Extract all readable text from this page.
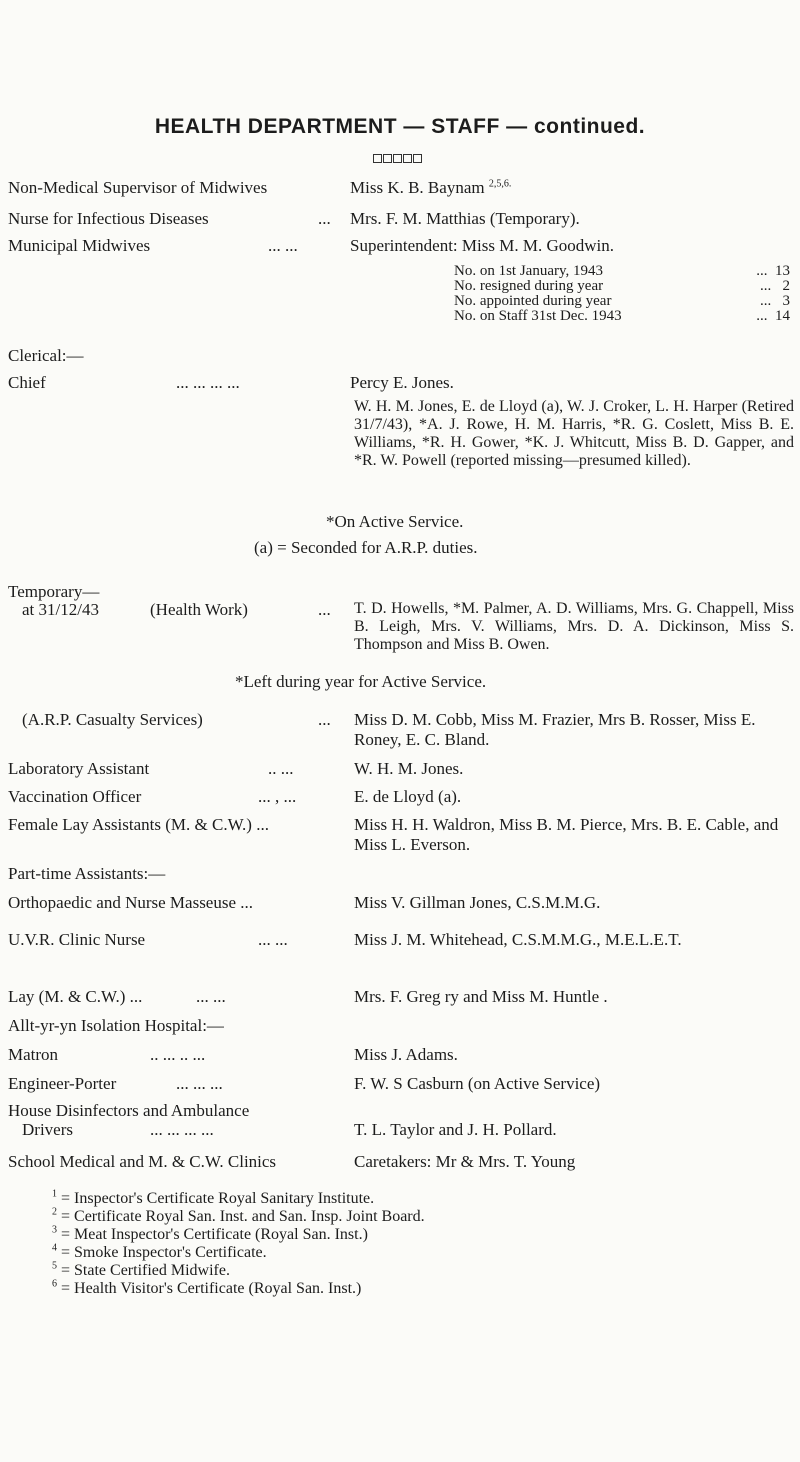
HEALTH DEPARTMENT — STAFF — continued.
Non-Medical Supervisor of Midwives	Miss K. B. Baynam $^{2,5,6.}$
Nurse for Infectious Diseases	... Mrs. F. M. Matthias (Temporary).
Municipal Midwives	... ...	Superintendent: Miss M. M. Goodwin.
No. on 1st January, 1943	... 13
No. resigned during year	... 2
No. appointed during year	... 3
No. on Staff 31st Dec. 1943	... 14
Clerical:—
Chief	... ... ... ...	Percy E. Jones.
W. H. M. Jones, E. de Lloyd (a), W. J. Croker, L. H. Harper (Retired 31/7/43), *A. J. Rowe, H. M. Harris, *R. G. Coslett, Miss B. E. Williams, *R. H. Gower, *K. J. Whitcutt, Miss B. D. Gapper, and *R. W. Powell (reported missing—presumed killed).
*On Active Service.
(a) = Seconded for A.R.P. duties.
Temporary—
at 31/12/43	(Health Work)	... T. D. Howells, *M. Palmer, A. D. Williams, Mrs. G. Chappell, Miss B. Leigh, Mrs. V. Williams, Mrs. D. A. Dickinson, Miss S. Thompson and Miss B. Owen.
*Left during year for Active Service.
(A.R.P. Casualty Services)	... Miss D. M. Cobb, Miss M. Frazier, Mrs B. Rosser, Miss E. Roney, E. C. Bland.
Laboratory Assistant	.. ...	W. H. M. Jones.
Vaccination Officer	... , ...	E. de Lloyd (a).
Female Lay Assistants (M. & C.W.) ...	Miss H. H. Waldron, Miss B. M. Pierce, Mrs. B. E. Cable, and Miss L. Everson.
Part-time Assistants:—
Orthopaedic and Nurse Masseuse ...	Miss V. Gillman Jones, C.S.M.M.G.
U.V.R. Clinic Nurse	... ...	Miss J. M. Whitehead, C.S.M.M.G., M.E.L.E.T.
Lay (M. & C.W.) ...	... ...	Mrs. F. Greg ry and Miss M. Huntle .
Allt-yr-yn Isolation Hospital:—
Matron	.. ... .. ...	Miss J. Adams.
Engineer-Porter	... ... ...	F. W. S Casburn (on Active Service)
House Disinfectors and Ambulance
Drivers	... ... ... ...	T. L. Taylor and J. H. Pollard.
School Medical and M. & C.W. Clinics	Caretakers: Mr & Mrs. T. Young
$^1$ = Inspector's Certificate Royal Sanitary Institute.
$^2$ = Certificate Royal San. Inst. and San. Insp. Joint Board.
$^3$ = Meat Inspector's Certificate (Royal San. Inst.)
$^4$ = Smoke Inspector's Certificate.
$^5$ = State Certified Midwife.
$^6$ = Health Visitor's Certificate (Royal San. Inst.)
